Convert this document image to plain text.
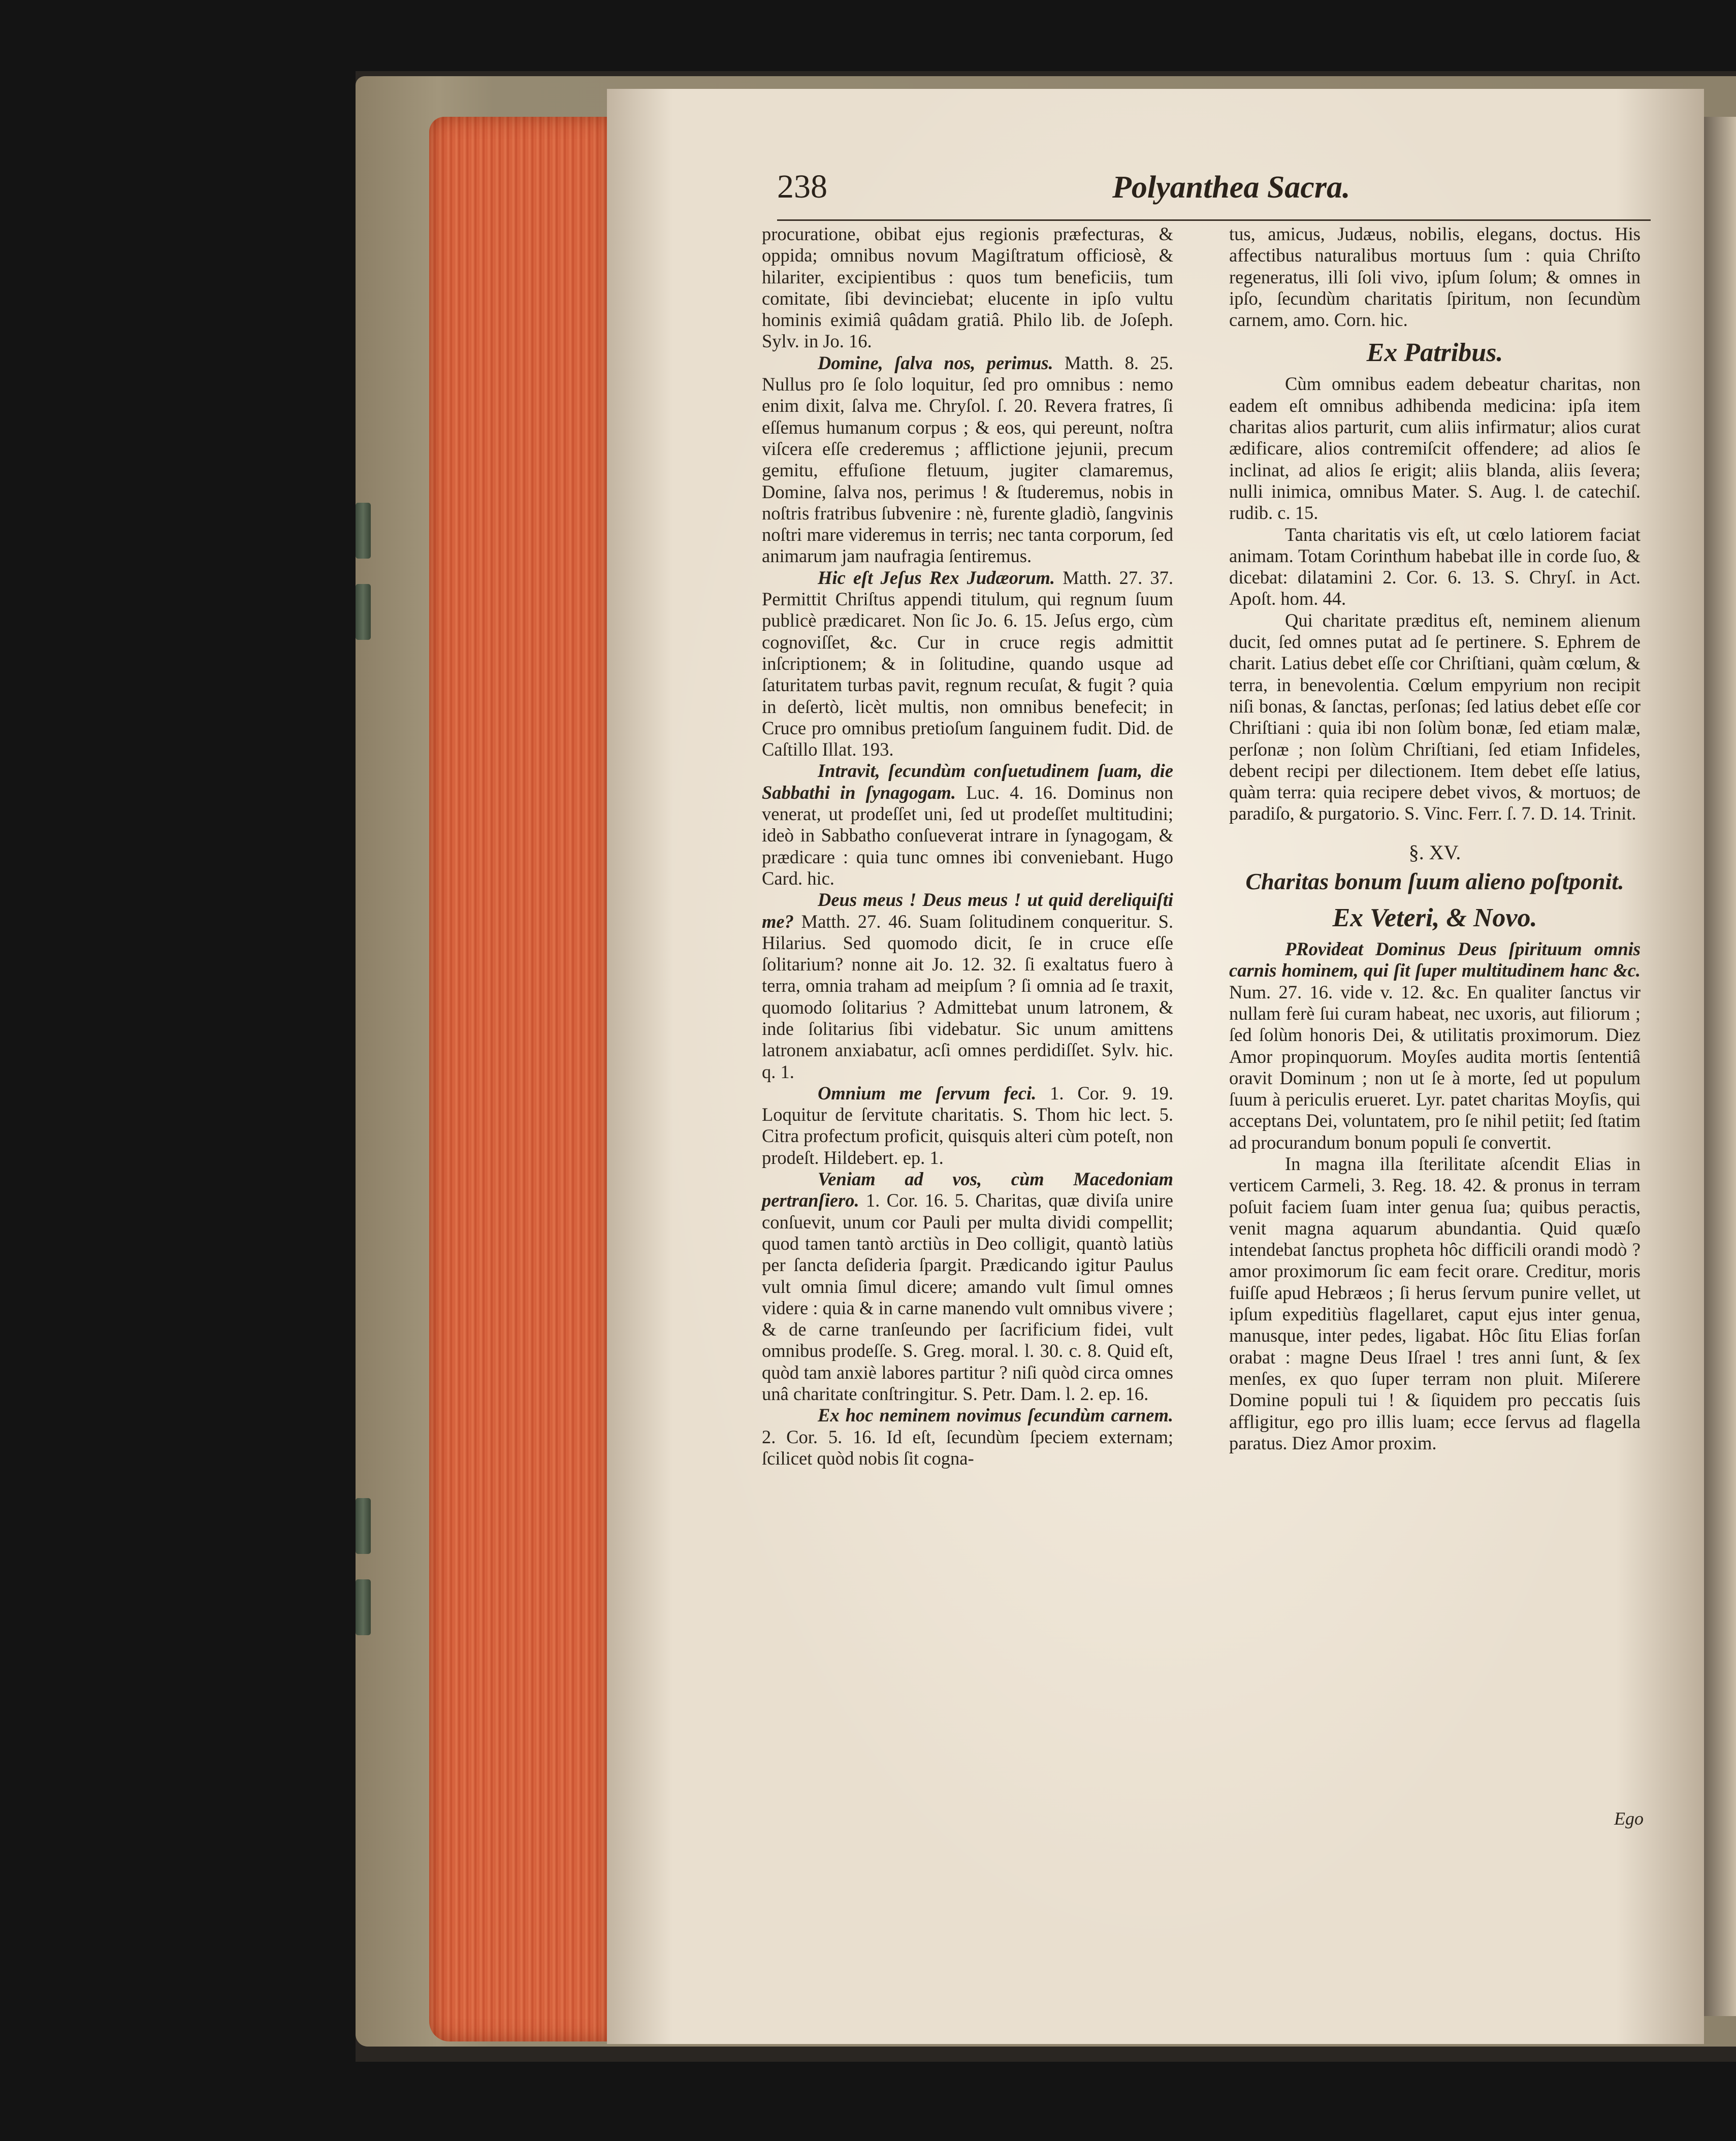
238	Polyanthea Sacra.

procuratione, obibat ejus regionis præfecturas, & oppida; omnibus novum Magiſtratum officiosè, & hilariter, excipientibus : quos tum beneficiis, tum comitate, ſibi devinciebat; elucente in ipſo vultu hominis eximiâ quâdam gratiâ. Philo lib. de Joſeph. Sylv. in Jo. 16.

Domine, ſalva nos, perimus. Matth. 8. 25. Nullus pro ſe ſolo loquitur, ſed pro omnibus : nemo enim dixit, ſalva me. Chryſol. ſ. 20. Revera fratres, ſi eſſemus humanum corpus ; & eos, qui pereunt, noſtra viſcera eſſe crederemus ; afflictione jejunii, precum gemitu, effuſione fletuum, jugiter clamaremus, Domine, ſalva nos, perimus ! & ſtuderemus, nobis in noſtris fratribus ſubvenire : nè, furente gladiò, ſangvinis noſtri mare videremus in terris; nec tanta corporum, ſed animarum jam naufragia ſentiremus.

Hic eſt Jeſus Rex Judæorum. Matth. 27. 37. Permittit Chriſtus appendi titulum, qui regnum ſuum publicè prædicaret. Non ſic Jo. 6. 15. Jeſus ergo, cùm cognoviſſet, &c. Cur in cruce regis admittit inſcriptionem; & in ſolitudine, quando usque ad ſaturitatem turbas pavit, regnum recuſat, & fugit ? quia in deſertò, licèt multis, non omnibus benefecit; in Cruce pro omnibus pretioſum ſanguinem fudit. Did. de Caſtillo Illat. 193.

Intravit, ſecundùm conſuetudinem ſuam, die Sabbathi in ſynagogam. Luc. 4. 16. Dominus non venerat, ut prodeſſet uni, ſed ut prodeſſet multitudini; ideò in Sabbatho conſueverat intrare in ſynagogam, & prædicare : quia tunc omnes ibi conveniebant. Hugo Card. hic.

Deus meus ! Deus meus ! ut quid dereliquiſti me? Matth. 27. 46. Suam ſolitudinem conqueritur. S. Hilarius. Sed quomodo dicit, ſe in cruce eſſe ſolitarium? nonne ait Jo. 12. 32. ſi exaltatus fuero à terra, omnia traham ad meipſum ? ſi omnia ad ſe traxit, quomodo ſolitarius ? Admittebat unum latronem, & inde ſolitarius ſibi videbatur. Sic unum amittens latronem anxiabatur, acſi omnes perdidiſſet. Sylv. hic. q. 1.

Omnium me ſervum feci. 1. Cor. 9. 19. Loquitur de ſervitute charitatis. S. Thom hic lect. 5. Citra profectum proficit, quisquis alteri cùm poteſt, non prodeſt. Hildebert. ep. 1.

Veniam ad vos, cùm Macedoniam pertranſiero. 1. Cor. 16. 5. Charitas, quæ diviſa unire conſuevit, unum cor Pauli per multa dividi compellit; quod tamen tantò arctiùs in Deo colligit, quantò latiùs per ſancta deſideria ſpargit. Prædicando igitur Paulus vult omnia ſimul dicere; amando vult ſimul omnes videre : quia & in carne manendo vult omnibus vivere ; & de carne tranſeundo per ſacrificium fidei, vult omnibus prodeſſe. S. Greg. moral. l. 30. c. 8. Quid eſt, quòd tam anxiè labores partitur ? niſi quòd circa omnes unâ charitate conſtringitur. S. Petr. Dam. l. 2. ep. 16.

Ex hoc neminem novimus ſecundùm carnem. 2. Cor. 5. 16. Id eſt, ſecundùm ſpeciem externam; ſcilicet quòd nobis ſit cogna-

tus, amicus, Judæus, nobilis, elegans, doctus. His affectibus naturalibus mortuus ſum : quia Chriſto regeneratus, illi ſoli vivo, ipſum ſolum; & omnes in ipſo, ſecundùm charitatis ſpiritum, non ſecundùm carnem, amo. Corn. hic.

Ex Patribus.

Cùm omnibus eadem debeatur charitas, non eadem eſt omnibus adhibenda medicina: ipſa item charitas alios parturit, cum aliis infirmatur; alios curat ædificare, alios contremiſcit offendere; ad alios ſe inclinat, ad alios ſe erigit; aliis blanda, aliis ſevera; nulli inimica, omnibus Mater. S. Aug. l. de catechiſ. rudib. c. 15.

Tanta charitatis vis eſt, ut cœlo latiorem faciat animam. Totam Corinthum habebat ille in corde ſuo, & dicebat: dilatamini 2. Cor. 6. 13. S. Chryſ. in Act. Apoſt. hom. 44.

Qui charitate præditus eſt, neminem alienum ducit, ſed omnes putat ad ſe pertinere. S. Ephrem de charit. Latius debet eſſe cor Chriſtiani, quàm cœlum, & terra, in benevolentia. Cœlum empyrium non recipit niſi bonas, & ſanctas, perſonas; ſed latius debet eſſe cor Chriſtiani : quia ibi non ſolùm bonæ, ſed etiam malæ, perſonæ ; non ſolùm Chriſtiani, ſed etiam Infideles, debent recipi per dilectionem. Item debet eſſe latius, quàm terra: quia recipere debet vivos, & mortuos; de paradiſo, & purgatorio. S. Vinc. Ferr. ſ. 7. D. 14. Trinit.

§. XV.
Charitas bonum ſuum alieno poſtponit.
Ex Veteri, & Novo.

PRovideat Dominus Deus ſpirituum omnis carnis hominem, qui ſit ſuper multitudinem hanc &c. Num. 27. 16. vide v. 12. &c. En qualiter ſanctus vir nullam ferè ſui curam habeat, nec uxoris, aut filiorum ; ſed ſolùm honoris Dei, & utilitatis proximorum. Diez Amor propinquorum. Moyſes audita mortis ſententiâ oravit Dominum ; non ut ſe à morte, ſed ut populum ſuum à periculis erueret. Lyr. patet charitas Moyſis, qui acceptans Dei, voluntatem, pro ſe nihil petiit; ſed ſtatim ad procurandum bonum populi ſe convertit.

In magna illa ſterilitate aſcendit Elias in verticem Carmeli, 3. Reg. 18. 42. & pronus in terram poſuit faciem ſuam inter genua ſua; quibus peractis, venit magna aquarum abundantia. Quid quæſo intendebat ſanctus propheta hôc difficili orandi modò ? amor proximorum ſic eam fecit orare. Creditur, moris fuiſſe apud Hebræos ; ſi herus ſervum punire vellet, ut ipſum expeditiùs flagellaret, caput ejus inter genua, manusque, inter pedes, ligabat. Hôc ſitu Elias forſan orabat : magne Deus Iſrael ! tres anni ſunt, & ſex menſes, ex quo ſuper terram non pluit. Miſerere Domine populi tui ! & ſiquidem pro peccatis ſuis affligitur, ego pro illis luam; ecce ſervus ad flagella paratus. Diez Amor proxim.

Ego
